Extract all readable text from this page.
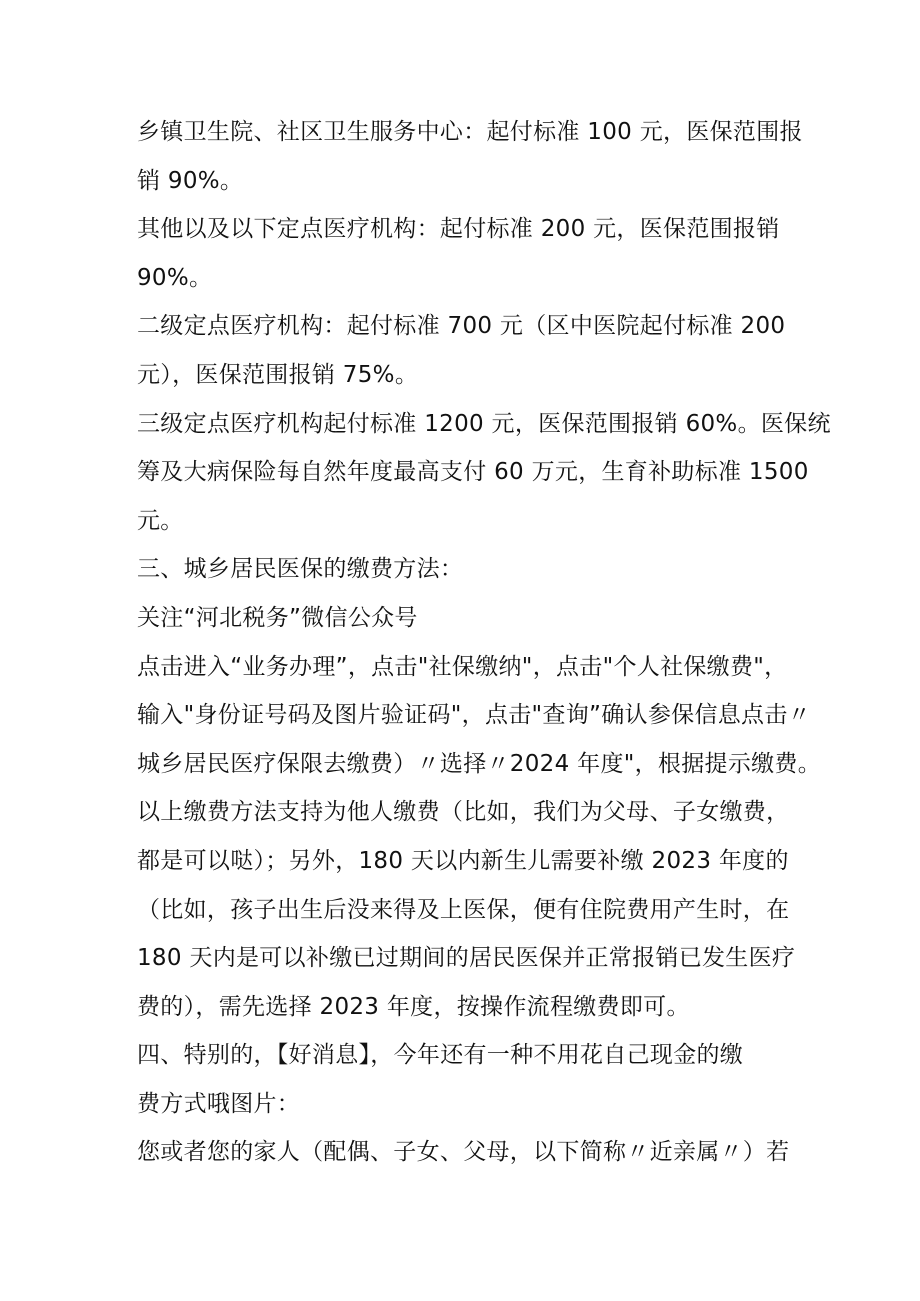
乡镇卫生院、社区卫生服务中心：起付标准 100 元，医保范围报
销 90%。
其他以及以下定点医疗机构：起付标准 200 元，医保范围报销
90%。
二级定点医疗机构：起付标准 700 元（区中医院起付标准 200
元），医保范围报销 75%。
三级定点医疗机构起付标准 1200 元，医保范围报销 60%。医保统
筹及大病保险每自然年度最高支付 60 万元，生育补助标准 1500
元。
三、城乡居民医保的缴费方法：
关注“河北税务”微信公众号
点击进入“业务办理”，点击"社保缴纳"，点击"个人社保缴费"，
输入"身份证号码及图片验证码"，点击"查询”确认参保信息点击〃
城乡居民医疗保限去缴费）〃选择〃2024 年度"，根据提示缴费。
以上缴费方法支持为他人缴费（比如，我们为父母、子女缴费，
都是可以哒）；另外，180 天以内新生儿需要补缴 2023 年度的
（比如，孩子出生后没来得及上医保，便有住院费用产生时，在
180 天内是可以补缴已过期间的居民医保并正常报销已发生医疗
费的），需先选择 2023 年度，按操作流程缴费即可。
四、特别的，【好消息】，今年还有一种不用花自己现金的缴
费方式哦图片：
您或者您的家人（配偶、子女、父母，以下简称〃近亲属〃）若
